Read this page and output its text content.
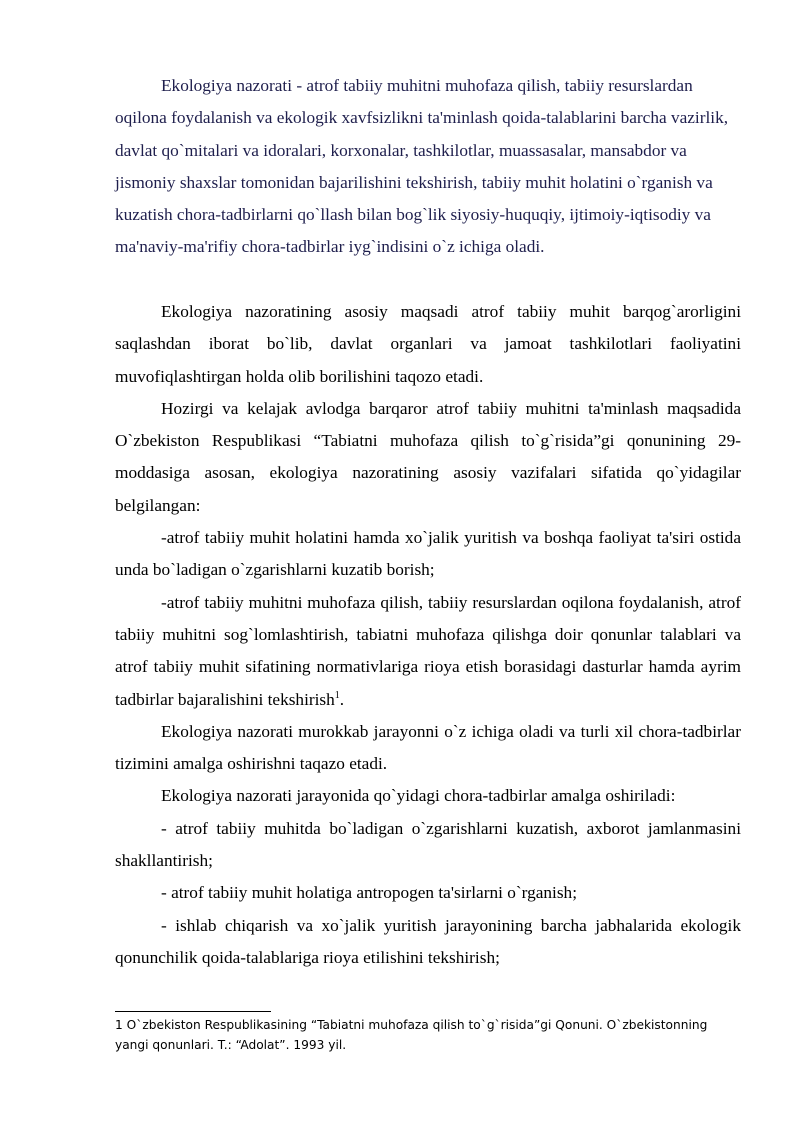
Ekologiya nazorati - atrof tabiiy muhitni muhofaza qilish, tabiiy resurslardan oqilona foydalanish va ekologik xavfsizlikni ta'minlash qoida-talablarini barcha vazirlik, davlat qo`mitalari va idoralari, korxonalar, tashkilotlar, muassasalar, mansabdor va jismoniy shaxslar tomonidan bajarilishini tekshirish, tabiiy muhit holatini o`rganish va kuzatish chora-tadbirlarni qo`llash bilan bog`lik siyosiy-huquqiy, ijtimoiy-iqtisodiy va ma'naviy-ma'rifiy chora-tadbirlar iyg`indisini o`z ichiga oladi.

Ekologiya nazoratining asosiy maqsadi atrof tabiiy muhit barqog`arorligini saqlashdan iborat bo`lib, davlat organlari va jamoat tashkilotlari faoliyatini muvofiqlashtirgan holda olib borilishini taqozo etadi.

Hozirgi va kelajak avlodga barqaror atrof tabiiy muhitni ta'minlash maqsadida O`zbekiston Respublikasi “Tabiatni muhofaza qilish to`g`risida”gi qonunining 29-moddasiga asosan, ekologiya nazoratining asosiy vazifalari sifatida qo`yidagilar belgilangan:

-atrof tabiiy muhit holatini hamda xo`jalik yuritish va boshqa faoliyat ta'siri ostida unda bo`ladigan o`zgarishlarni kuzatib borish;

-atrof tabiiy muhitni muhofaza qilish, tabiiy resurslardan oqilona foydalanish, atrof tabiiy muhitni sog`lomlashtirish, tabiatni muhofaza qilishga doir qonunlar talablari va atrof tabiiy muhit sifatining normativlariga rioya etish borasidagi dasturlar hamda ayrim tadbirlar bajaralishini tekshirish$^1$.

Ekologiya nazorati murokkab jarayonni o`z ichiga oladi va turli xil chora-tadbirlar tizimini amalga oshirishni taqazo etadi.

Ekologiya nazorati jarayonida qo`yidagi chora-tadbirlar amalga oshiriladi:

- atrof tabiiy muhitda bo`ladigan o`zgarishlarni kuzatish, axborot jamlanmasini shakllantirish;

- atrof tabiiy muhit holatiga antropogen ta'sirlarni o`rganish;

- ishlab chiqarish va xo`jalik yuritish jarayonining barcha jabhalarida ekologik qonunchilik qoida-talablariga rioya etilishini tekshirish;

1 O`zbekiston Respublikasining “Tabiatni muhofaza qilish to`g`risida”gi Qonuni. O`zbekistonning yangi qonunlari. T.: “Adolat”. 1993 yil.
